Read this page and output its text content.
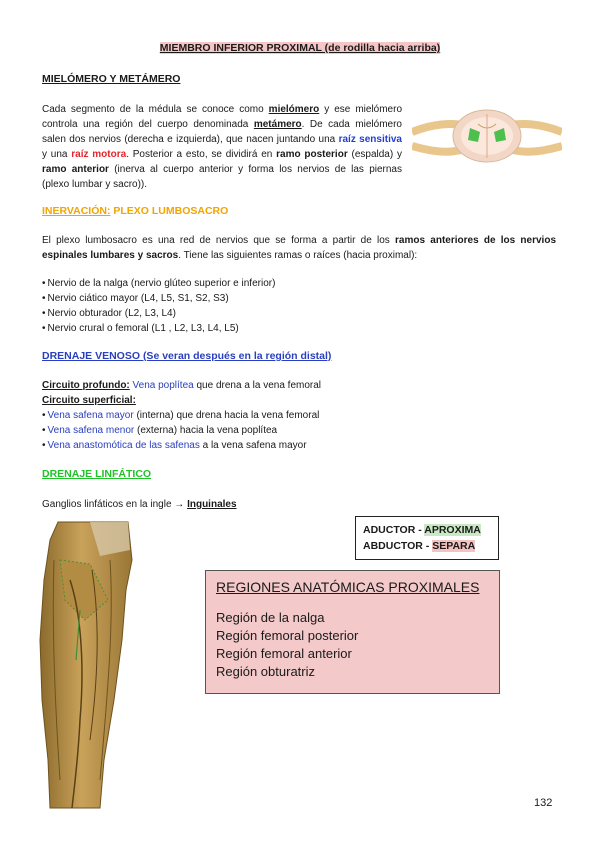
MIEMBRO INFERIOR PROXIMAL (de rodilla hacia arriba)
MIELÓMERO Y METÁMERO
Cada segmento de la médula se conoce como mielómero y ese mielómero controla una región del cuerpo denominada metámero. De cada mielómero salen dos nervios (derecha e izquierda), que nacen juntando una raíz sensitiva y una raíz motora. Posterior a esto, se dividirá en ramo posterior (espalda) y ramo anterior (inerva al cuerpo anterior y forma los nervios de las piernas (plexo lumbar y sacro)).
INERVACIÓN: PLEXO LUMBOSACRO
El plexo lumbosacro es una red de nervios que se forma a partir de los ramos anteriores de los nervios espinales lumbares y sacros. Tiene las siguientes ramas o raíces (hacia proximal):
• Nervio de la nalga (nervio glúteo superior e inferior)
• Nervio ciático mayor (L4, L5, S1, S2, S3)
• Nervio obturador (L2, L3, L4)
• Nervio crural o femoral (L1 , L2, L3, L4, L5)
DRENAJE VENOSO (Se veran después en la región distal)
Circuito profundo: Vena poplítea que drena a la vena femoral
Circuito superficial:
• Vena safena mayor (interna) que drena hacia la vena femoral
• Vena safena menor (externa) hacia la vena poplítea
• Vena anastomótica de las safenas a la vena safena mayor
DRENAJE LINFÁTICO
Ganglios linfáticos en la ingle → Inguinales
ADUCTOR - APROXIMA
ABDUCTOR - SEPARA
REGIONES ANATÓMICAS PROXIMALES
Región de la nalga
Región femoral posterior
Región femoral anterior
Región obturatriz
132
